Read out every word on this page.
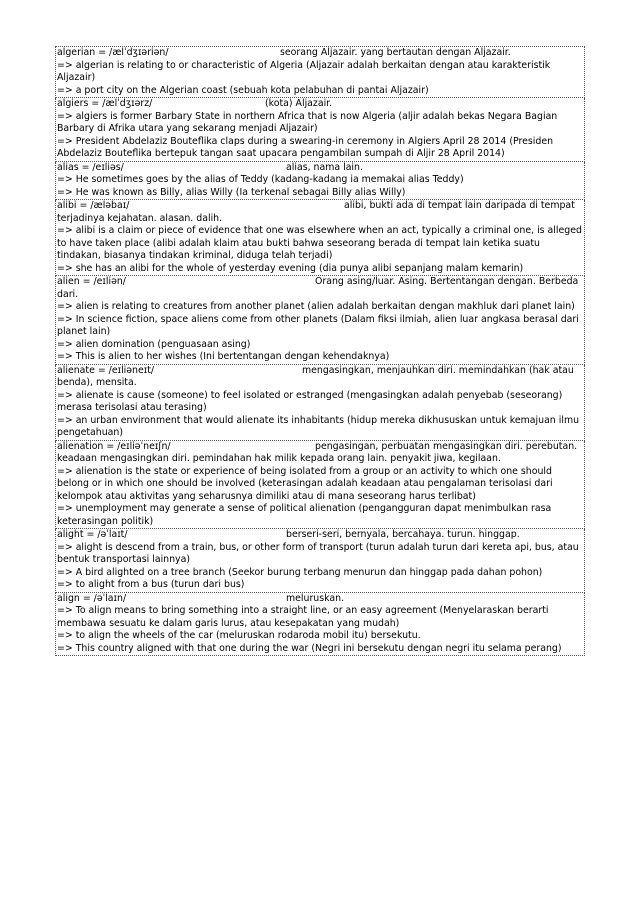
algerian = /ælˈdʒɪəriən/	seorang Aljazair. yang bertautan dengan Aljazair.
=> algerian is relating to or characteristic of Algeria (Aljazair adalah berkaitan dengan atau karakteristik Aljazair)
=> a port city on the Algerian coast (sebuah kota pelabuhan di pantai Aljazair)
algiers = /ælˈdʒɪərz/	(kota) Aljazair.
=> algiers is former Barbary State in northern Africa that is now Algeria (aljir adalah bekas Negara Bagian Barbary di Afrika utara yang sekarang menjadi Aljazair)
=> President Abdelaziz Bouteflika claps during a swearing-in ceremony in Algiers April 28 2014 (Presiden Abdelaziz Bouteflika bertepuk tangan saat upacara pengambilan sumpah di Aljir 28 April 2014)
alias = /eɪliəs/	alias, nama lain.
=> He sometimes goes by the alias of Teddy (kadang-kadang ia memakai alias Teddy)
=> He was known as Billy, alias Willy (Ia terkenal sebagai Billy alias Willy)
alibi = /æləbaɪ/	alibi, bukti ada di tempat lain daripada di tempat terjadinya kejahatan. alasan. dalih.
=> alibi is a claim or piece of evidence that one was elsewhere when an act, typically a criminal one, is alleged to have taken place (alibi adalah klaim atau bukti bahwa seseorang berada di tempat lain ketika suatu tindakan, biasanya tindakan kriminal, diduga telah terjadi)
=> she has an alibi for the whole of yesterday evening (dia punya alibi sepanjang malam kemarin)
alien = /eɪliən/	Orang asing/luar. Asing. Bertentangan dengan. Berbeda dari.
=> alien is relating to creatures from another planet (alien adalah berkaitan dengan makhluk dari planet lain)
=> In science fiction, space aliens come from other planets (Dalam fiksi ilmiah, alien luar angkasa berasal dari planet lain)
=> alien domination (penguasaan asing)
=> This is alien to her wishes (Ini bertentangan dengan kehendaknya)
alienate = /eɪliəneɪt/	mengasingkan, menjauhkan diri. memindahkan (hak atau benda), mensita.
=> alienate is cause (someone) to feel isolated or estranged (mengasingkan adalah penyebab (seseorang) merasa terisolasi atau terasing)
=> an urban environment that would alienate its inhabitants (hidup mereka dikhususkan untuk kemajuan ilmu
pengetahuan)
alienation = /eɪliəˈneɪʃn/	pengasingan, perbuatan mengasingkan diri. perebutan. keadaan mengasingkan diri. pemindahan hak milik kepada orang lain. penyakit jiwa, kegilaan.
=> alienation is the state or experience of being isolated from a group or an activity to which one should belong or in which one should be involved (keterasingan adalah keadaan atau pengalaman terisolasi dari kelompok atau aktivitas yang seharusnya dimiliki atau di mana seseorang harus terlibat)
=> unemployment may generate a sense of political alienation (pengangguran dapat menimbulkan rasa keterasingan politik)
alight = /əˈlaɪt/	berseri-seri, bernyala, bercahaya. turun. hinggap.
=> alight is descend from a train, bus, or other form of transport (turun adalah turun dari kereta api, bus, atau bentuk transportasi lainnya)
=> A bird alighted on a tree branch (Seekor burung terbang menurun dan hinggap pada dahan pohon)
=> to alight from a bus (turun dari bus)
align = /əˈlaɪn/	meluruskan.
=> To align means to bring something into a straight line, or an easy agreement (Menyelaraskan berarti membawa sesuatu ke dalam garis lurus, atau kesepakatan yang mudah)
=> to align the wheels of the car (meluruskan rodaroda mobil itu) bersekutu.
=> This country aligned with that one during the war (Negri ini bersekutu dengan negri itu selama perang)
